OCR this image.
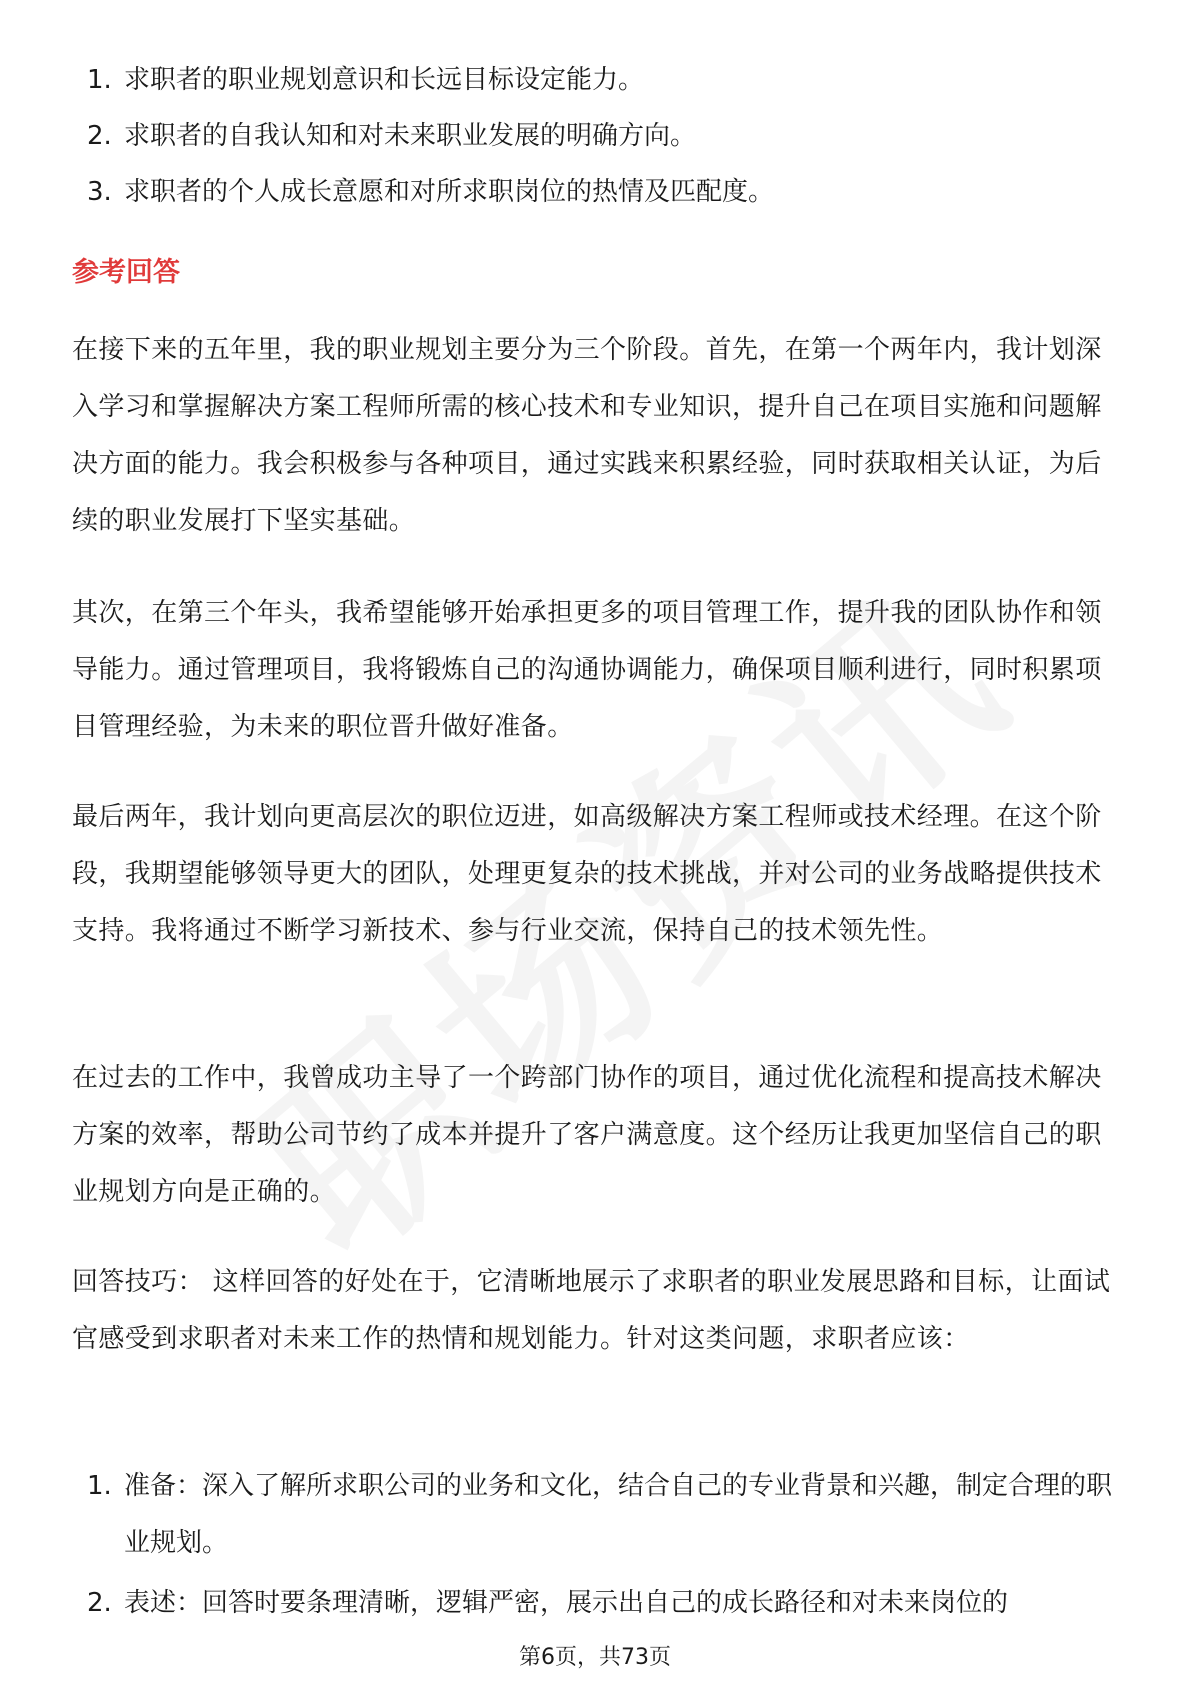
1. 求职者的职业规划意识和长远目标设定能力。
2. 求职者的自我认知和对未来职业发展的明确方向。
3. 求职者的个人成长意愿和对所求职岗位的热情及匹配度。
参考回答

在接下来的五年里，我的职业规划主要分为三个阶段。首先，在第一个两年内，我计划深入学习和掌握解决方案工程师所需的核心技术和专业知识，提升自己在项目实施和问题解决方面的能力。我会积极参与各种项目，通过实践来积累经验，同时获取相关认证，为后续的职业发展打下坚实基础。

其次，在第三个年头，我希望能够开始承担更多的项目管理工作，提升我的团队协作和领导能力。通过管理项目，我将锻炼自己的沟通协调能力，确保项目顺利进行，同时积累项目管理经验，为未来的职位晋升做好准备。

最后两年，我计划向更高层次的职位迈进，如高级解决方案工程师或技术经理。在这个阶段，我期望能够领导更大的团队，处理更复杂的技术挑战，并对公司的业务战略提供技术支持。我将通过不断学习新技术、参与行业交流，保持自己的技术领先性。

在过去的工作中，我曾成功主导了一个跨部门协作的项目，通过优化流程和提高技术解决方案的效率，帮助公司节约了成本并提升了客户满意度。这个经历让我更加坚信自己的职业规划方向是正确的。

回答技巧： 这样回答的好处在于，它清晰地展示了求职者的职业发展思路和目标，让面试官感受到求职者对未来工作的热情和规划能力。针对这类问题，求职者应该：

1. 准备：深入了解所求职公司的业务和文化，结合自己的专业背景和兴趣，制定合理的职业规划。
2. 表述：回答时要条理清晰，逻辑严密，展示出自己的成长路径和对未来岗位的
第6页，共73页
